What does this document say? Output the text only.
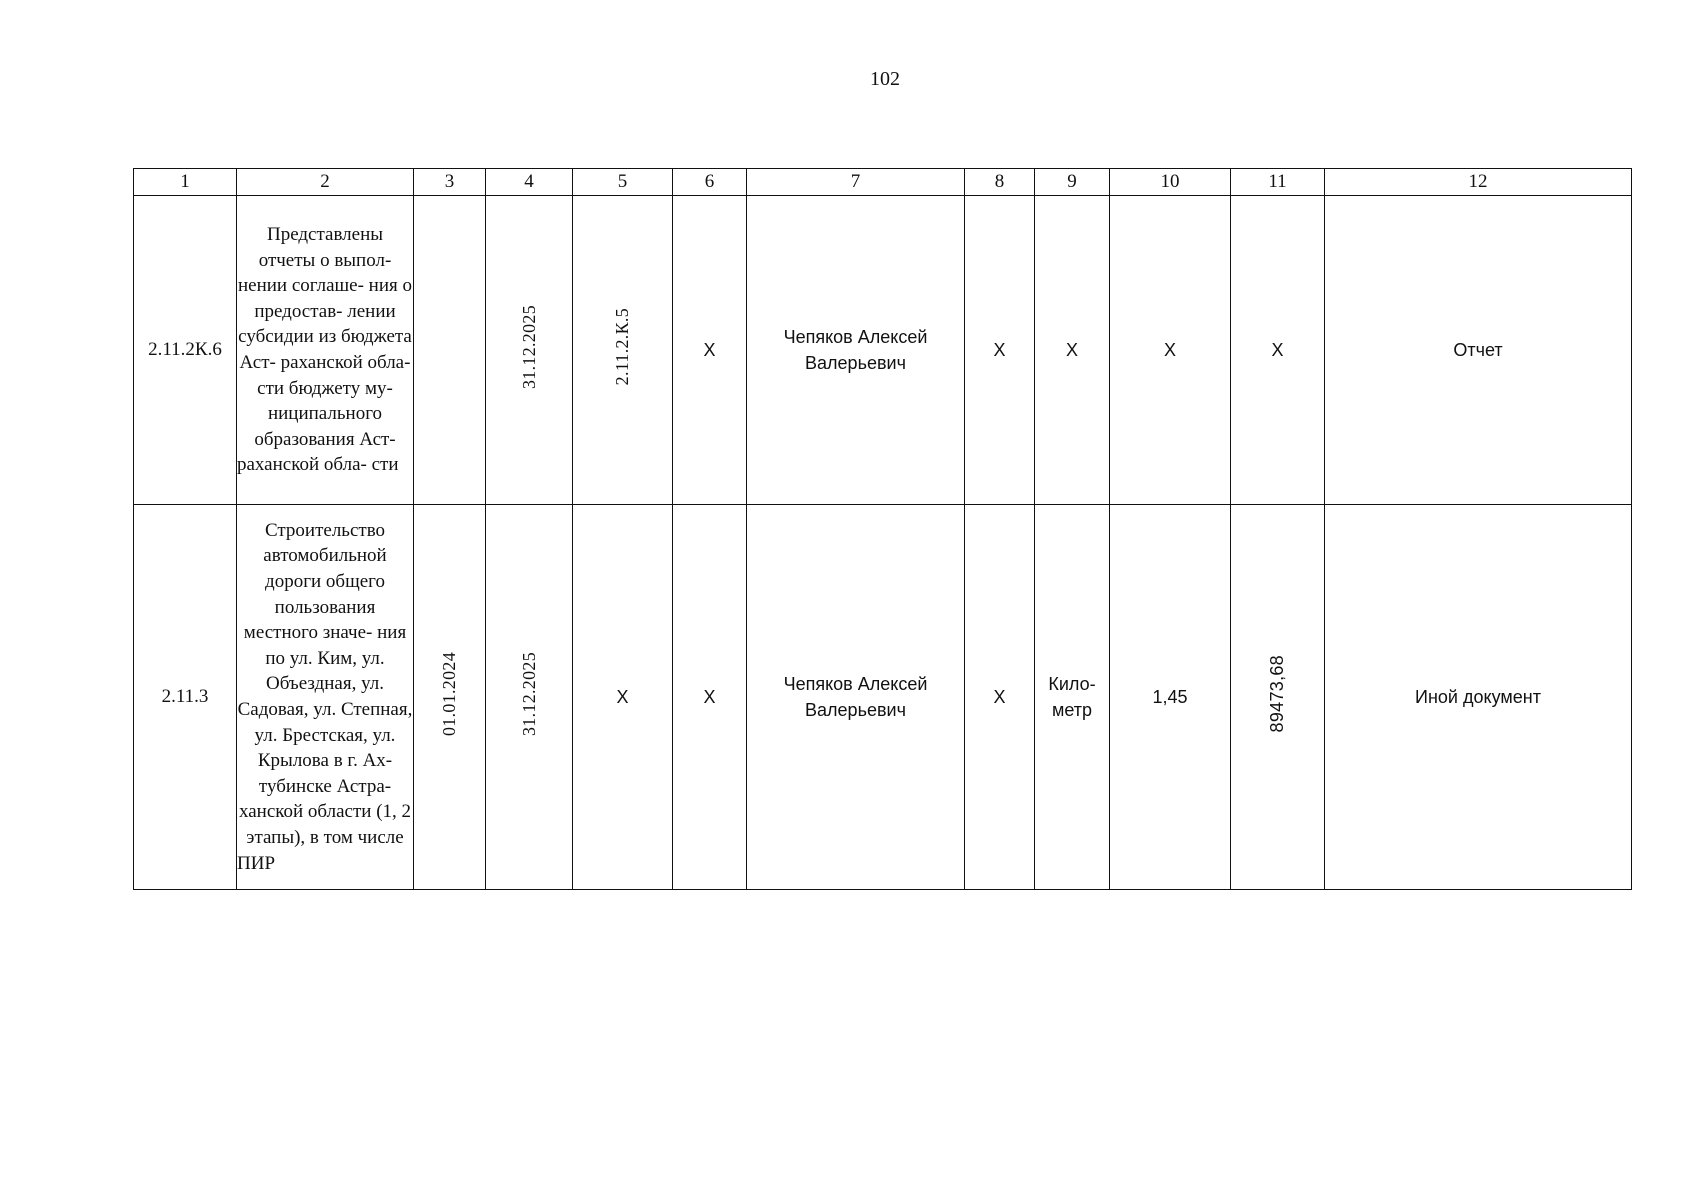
102
1	2	3	4	5	6	7	8	9	10	11	12
2.11.2К.6	Представлены отчеты о выпол- нении соглаше- ния о предостав- лении субсидии из бюджета Аст- раханской обла- сти бюджету му- ниципального образования Аст- раханской обла- сти		31.12.2025	2.11.2.К.5	X	Чепяков Алексей Валерьевич	X	X	X	X	Отчет
2.11.3	Строительство автомобильной дороги общего пользования местного значе- ния по ул. Ким, ул. Объездная, ул. Садовая, ул. Степная, ул. Брестская, ул. Крылова в г. Ах- тубинске Астра- ханской области (1, 2 этапы), в том числе ПИР	01.01.2024	31.12.2025	X	X	Чепяков Алексей Валерьевич	X	Кило-метр	1,45	89473,68	Иной документ
